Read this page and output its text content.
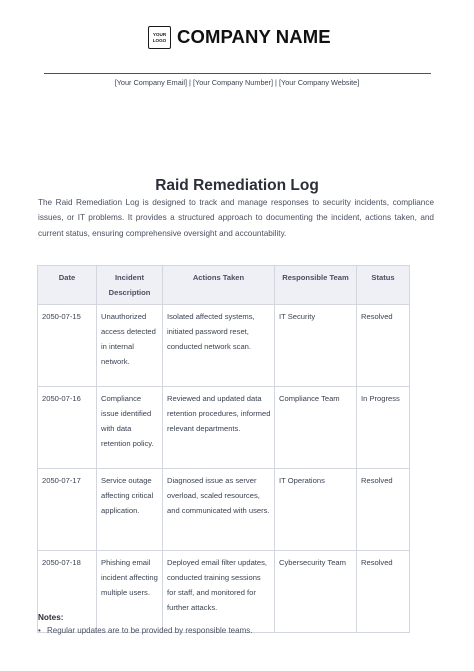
YOUR
LOGO COMPANY NAME
[Your Company Email] | [Your Company Number] | [Your Company Website]
Raid Remediation Log
The Raid Remediation Log is designed to track and manage responses to security incidents, compliance issues, or IT problems. It provides a structured approach to documenting the incident, actions taken, and current status, ensuring comprehensive oversight and accountability.
Date	Incident Description	Actions Taken	Responsible Team	Status
2050-07-15	Unauthorized access detected in internal network.	Isolated affected systems, initiated password reset, conducted network scan.	IT Security	Resolved
2050-07-16	Compliance issue identified with data retention policy.	Reviewed and updated data retention procedures, informed relevant departments.	Compliance Team	In Progress
2050-07-17	Service outage affecting critical application.	Diagnosed issue as server overload, scaled resources, and communicated with users.	IT Operations	Resolved
2050-07-18	Phishing email incident affecting multiple users.	Deployed email filter updates, conducted training sessions for staff, and monitored for further attacks.	Cybersecurity Team	Resolved
Notes:
• Regular updates are to be provided by responsible teams.
